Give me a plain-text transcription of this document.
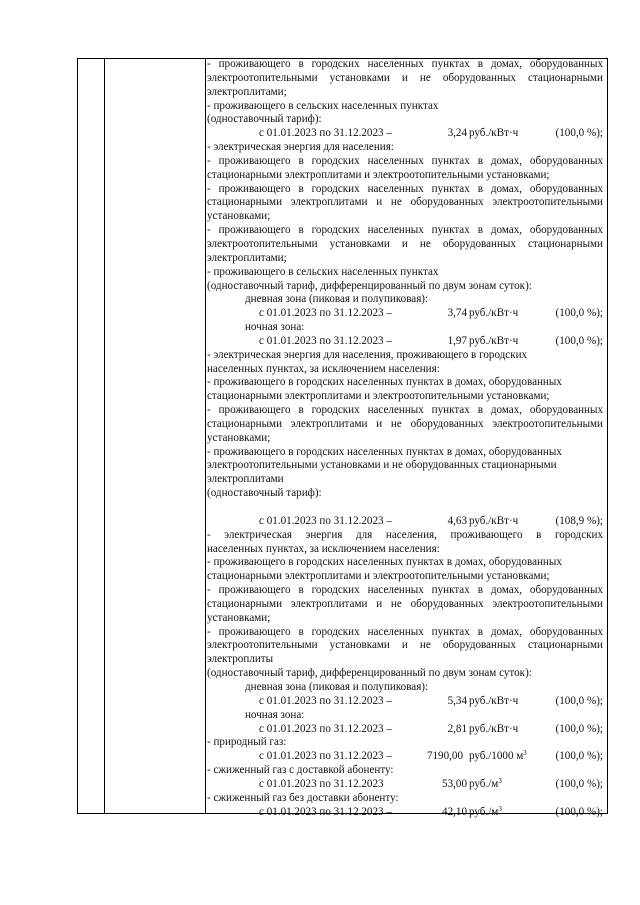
- проживающего в городских населенных пунктах в домах, оборудованных
электроотопительными установками и не оборудованных стационарными
электроплитами;
- проживающего в сельских населенных пунктах
(одноставочный тариф):
с 01.01.2023 по 31.12.2023 –	3,24 руб./кВт·ч	(100,0 %);
- электрическая энергия для населения:
- проживающего в городских населенных пунктах в домах, оборудованных
стационарными электроплитами и электроотопительными установками;
- проживающего в городских населенных пунктах в домах, оборудованных
стационарными электроплитами и не оборудованных электроотопительными
установками;
- проживающего в городских населенных пунктах в домах, оборудованных
электроотопительными установками и не оборудованных стационарными
электроплитами;
- проживающего в сельских населенных пунктах
(одноставочный тариф, дифференцированный по двум зонам суток):
дневная зона (пиковая и полупиковая):
с 01.01.2023 по 31.12.2023 –	3,74 руб./кВт·ч	(100,0 %);
ночная зона:
с 01.01.2023 по 31.12.2023 –	1,97 руб./кВт·ч	(100,0 %);
- электрическая энергия для населения, проживающего в городских
населенных пунктах, за исключением населения:
- проживающего в городских населенных пунктах в домах, оборудованных
стационарными электроплитами и электроотопительными установками;
- проживающего в городских населенных пунктах в домах, оборудованных
стационарными электроплитами и не оборудованных электроотопительными
установками;
- проживающего в городских населенных пунктах в домах, оборудованных
электроотопительными установками и не оборудованных стационарными
электроплитами
(одноставочный тариф):
с 01.01.2023 по 31.12.2023 –	4,63 руб./кВт·ч	(108,9 %);
- электрическая энергия для населения, проживающего в городских
населенных пунктах, за исключением населения:
- проживающего в городских населенных пунктах в домах, оборудованных
стационарными электроплитами и электроотопительными установками;
- проживающего в городских населенных пунктах в домах, оборудованных
стационарными электроплитами и не оборудованных электроотопительными
установками;
- проживающего в городских населенных пунктах в домах, оборудованных
электроотопительными установками и не оборудованных стационарными
электроплиты
(одноставочный тариф, дифференцированный по двум зонам суток):
дневная зона (пиковая и полупиковая):
с 01.01.2023 по 31.12.2023 –	5,34 руб./кВт·ч	(100,0 %);
ночная зона:
с 01.01.2023 по 31.12.2023 –	2,81 руб./кВт·ч	(100,0 %);
- природный газ:
с 01.01.2023 по 31.12.2023 –	7190,00 руб./1000 $м^3$	(100,0 %);
- сжиженный газ с доставкой абоненту:
с 01.01.2023 по 31.12.2023	53,00 $руб./м^3$	(100,0 %);
- сжиженный газ без доставки абоненту:
с 01.01.2023 по 31.12.2023 –	42,10 $руб./м^3$	(100,0 %);
